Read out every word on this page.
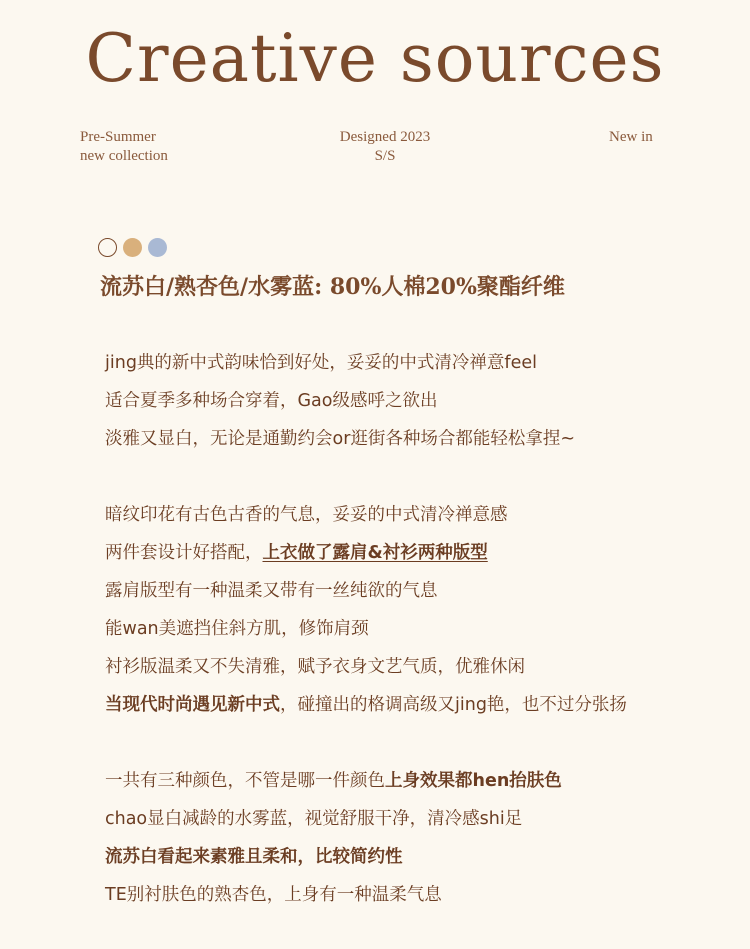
Creative sources
Pre-Summer
new collection
Designed 2023
S/S
New in
流苏白/熟杏色/水雾蓝: 80%人棉20%聚酯纤维
jing典的新中式韵味恰到好处，妥妥的中式清冷禅意feel
适合夏季多种场合穿着，Gao级感呼之欲出
淡雅又显白，无论是通勤约会or逛街各种场合都能轻松拿捏~
暗纹印花有古色古香的气息，妥妥的中式清冷禅意感
两件套设计好搭配，上衣做了露肩&衬衫两种版型
露肩版型有一种温柔又带有一丝纯欲的气息
能wan美遮挡住斜方肌，修饰肩颈
衬衫版温柔又不失清雅，赋予衣身文艺气质，优雅休闲
当现代时尚遇见新中式，碰撞出的格调高级又jing艳，也不过分张扬
一共有三种颜色，不管是哪一件颜色上身效果都hen抬肤色
chao显白减龄的水雾蓝，视觉舒服干净，清冷感shi足
流苏白看起来素雅且柔和，比较简约性
TE别衬肤色的熟杏色，上身有一种温柔气息
